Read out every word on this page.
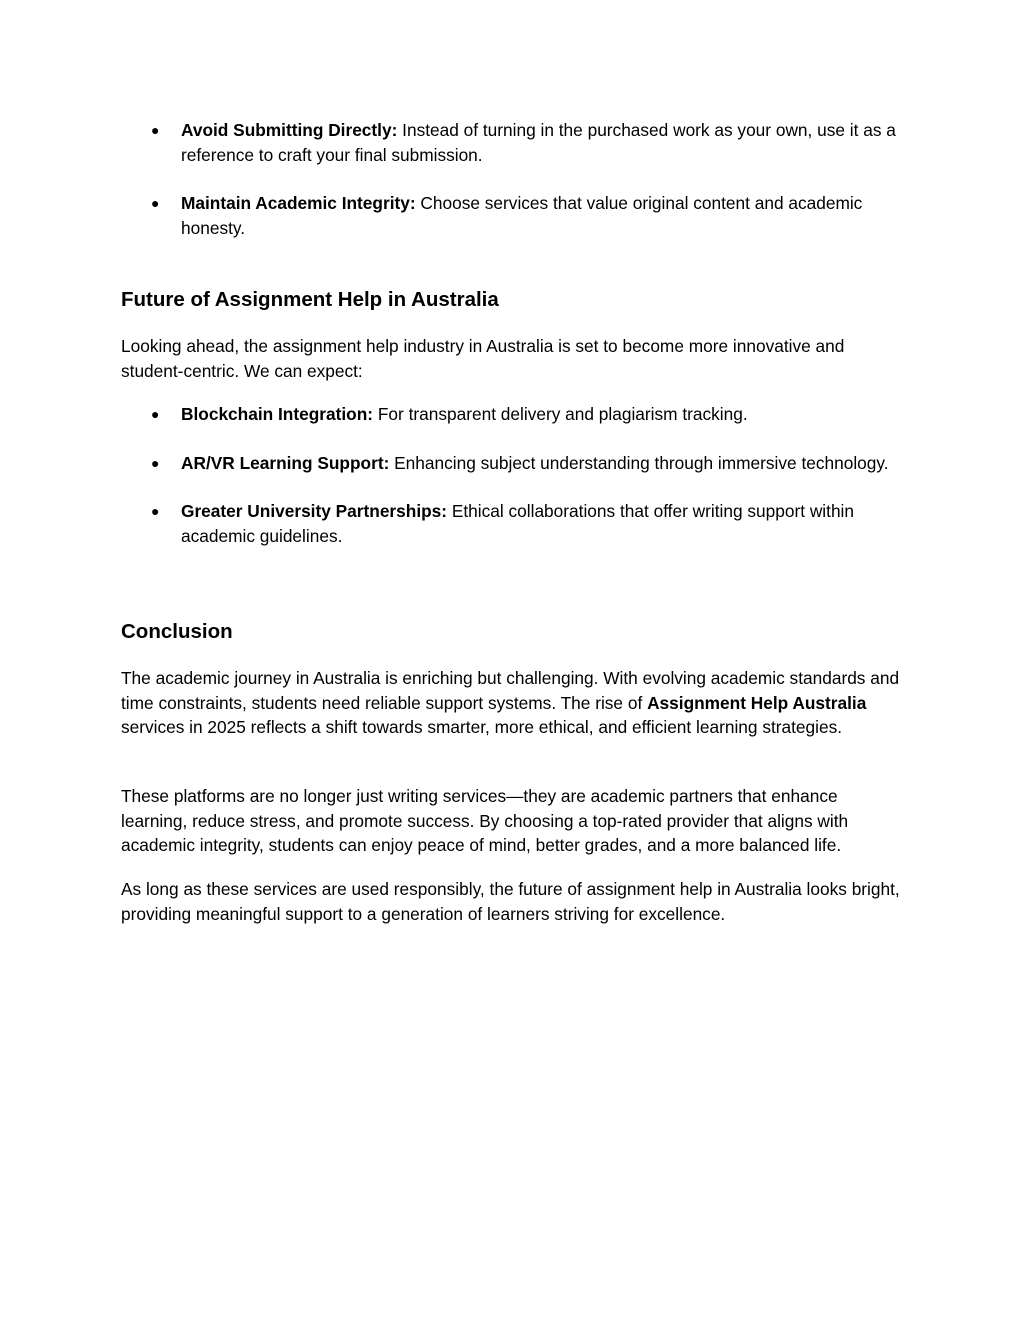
● Avoid Submitting Directly: Instead of turning in the purchased work as your own, use it as a reference to craft your final submission.
● Maintain Academic Integrity: Choose services that value original content and academic honesty.
Future of Assignment Help in Australia

Looking ahead, the assignment help industry in Australia is set to become more innovative and student-centric. We can expect:

● Blockchain Integration: For transparent delivery and plagiarism tracking.
● AR/VR Learning Support: Enhancing subject understanding through immersive technology.
● Greater University Partnerships: Ethical collaborations that offer writing support within academic guidelines.
Conclusion

The academic journey in Australia is enriching but challenging. With evolving academic standards and time constraints, students need reliable support systems. The rise of Assignment Help Australia services in 2025 reflects a shift towards smarter, more ethical, and efficient learning strategies.

These platforms are no longer just writing services—they are academic partners that enhance learning, reduce stress, and promote success. By choosing a top-rated provider that aligns with academic integrity, students can enjoy peace of mind, better grades, and a more balanced life.

As long as these services are used responsibly, the future of assignment help in Australia looks bright, providing meaningful support to a generation of learners striving for excellence.
